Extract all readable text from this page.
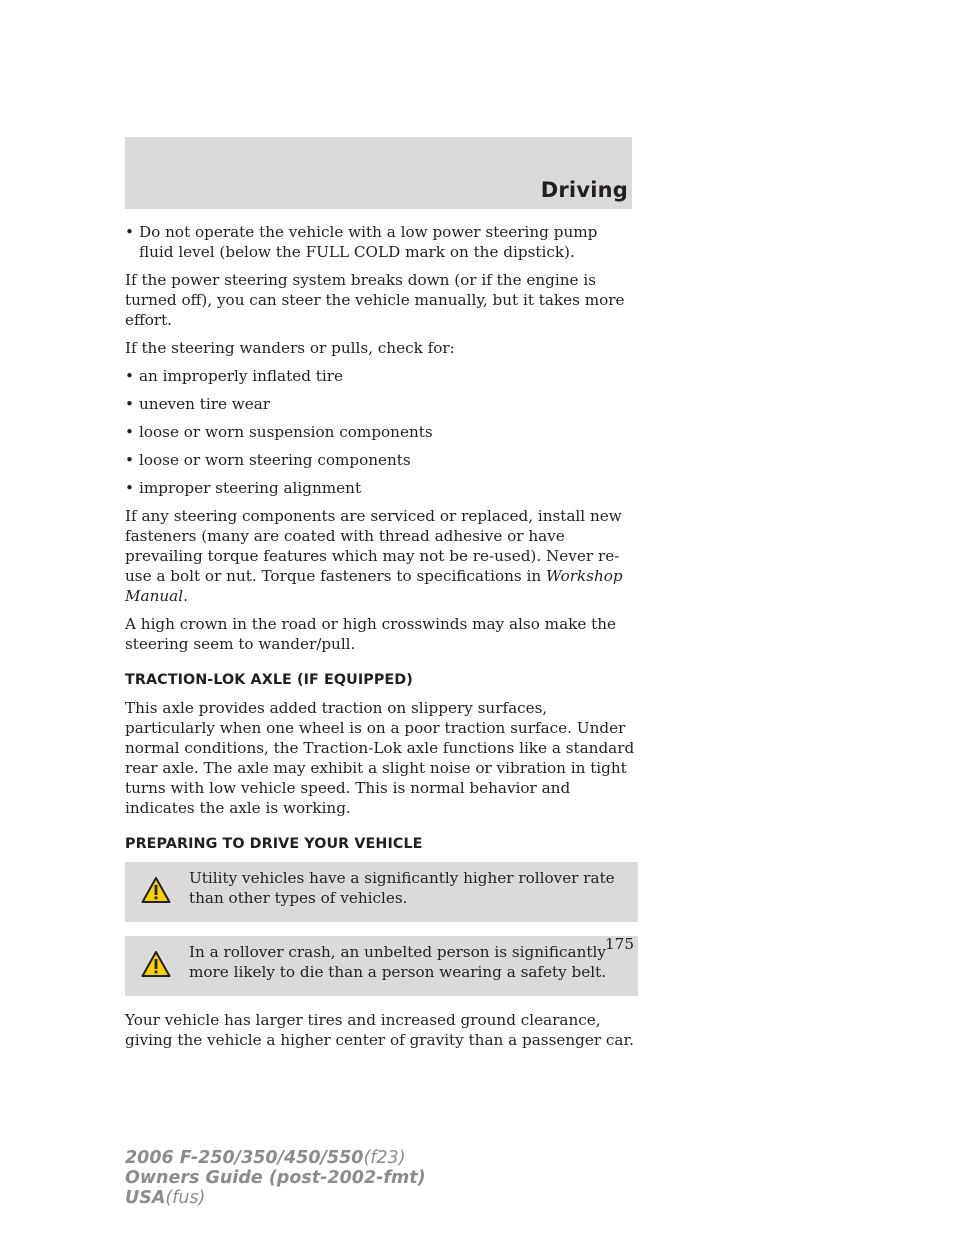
Driving
• Do not operate the vehicle with a low power steering pump fluid level (below the FULL COLD mark on the dipstick).

If the power steering system breaks down (or if the engine is turned off), you can steer the vehicle manually, but it takes more effort.

If the steering wanders or pulls, check for:

• an improperly inflated tire
• uneven tire wear
• loose or worn suspension components
• loose or worn steering components
• improper steering alignment

If any steering components are serviced or replaced, install new fasteners (many are coated with thread adhesive or have prevailing torque features which may not be re-used). Never re-use a bolt or nut. Torque fasteners to specifications in Workshop Manual.

A high crown in the road or high crosswinds may also make the steering seem to wander/pull.

TRACTION-LOK AXLE (IF EQUIPPED)

This axle provides added traction on slippery surfaces, particularly when one wheel is on a poor traction surface. Under normal conditions, the Traction-Lok axle functions like a standard rear axle. The axle may exhibit a slight noise or vibration in tight turns with low vehicle speed. This is normal behavior and indicates the axle is working.

PREPARING TO DRIVE YOUR VEHICLE
Utility vehicles have a significantly higher rollover rate than other types of vehicles.
In a rollover crash, an unbelted person is significantly more likely to die than a person wearing a safety belt.

Your vehicle has larger tires and increased ground clearance, giving the vehicle a higher center of gravity than a passenger car.

175
2006 F-250/350/450/550(f23)
Owners Guide (post-2002-fmt)
USA(fus)
